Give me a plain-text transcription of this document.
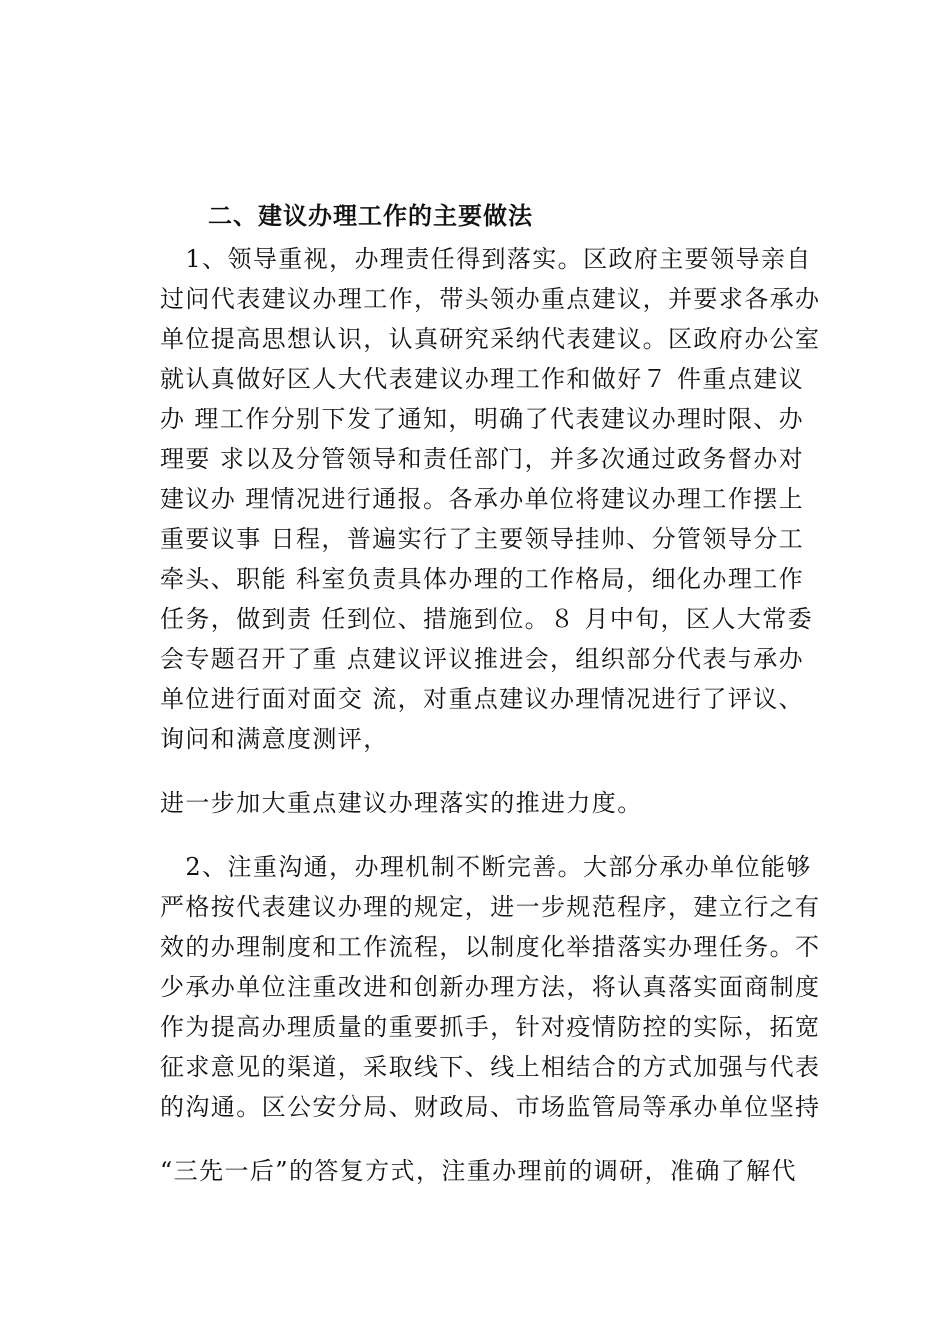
二、建议办理工作的主要做法

　1、领导重视，办理责任得到落实。区政府主要领导亲自

过问代表建议办理工作，带头领办重点建议，并要求各承办

单位提高思想认识，认真研究采纳代表建议。区政府办公室

就认真做好区人大代表建议办理工作和做好７ 件重点建议

办 理工作分别下发了通知，明确了代表建议办理时限、办

理要 求以及分管领导和责任部门，并多次通过政务督办对

建议办 理情况进行通报。各承办单位将建议办理工作摆上

重要议事 日程，普遍实行了主要领导挂帅、分管领导分工

牵头、职能 科室负责具体办理的工作格局，细化办理工作

任务，做到责 任到位、措施到位。８ 月中旬，区人大常委

会专题召开了重 点建议评议推进会，组织部分代表与承办

单位进行面对面交 流，对重点建议办理情况进行了评议、

询问和满意度测评，

进一步加大重点建议办理落实的推进力度。

　2、注重沟通，办理机制不断完善。大部分承办单位能够

严格按代表建议办理的规定，进一步规范程序，建立行之有

效的办理制度和工作流程，以制度化举措落实办理任务。不

少承办单位注重改进和创新办理方法，将认真落实面商制度

作为提高办理质量的重要抓手，针对疫情防控的实际，拓宽

征求意见的渠道，采取线下、线上相结合的方式加强与代表

的沟通。区公安分局、财政局、市场监管局等承办单位坚持

“三先一后”的答复方式，注重办理前的调研，准确了解代
